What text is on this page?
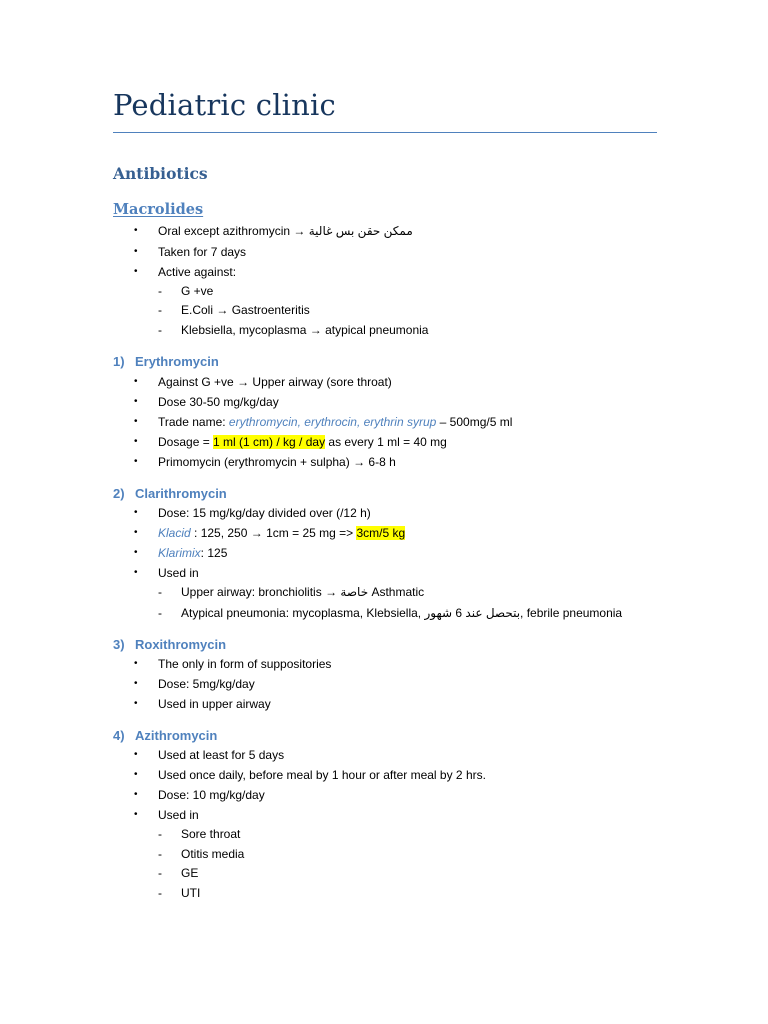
Pediatric clinic
Antibiotics
Macrolides
• Oral except azithromycin → ممكن حقن بس غالية
• Taken for 7 days
• Active against:
- G +ve
- E.Coli → Gastroenteritis
- Klebsiella, mycoplasma → atypical pneumonia
1) Erythromycin
• Against G +ve → Upper airway (sore throat)
• Dose 30-50 mg/kg/day
• Trade name: erythromycin, erythrocin, erythrin syrup – 500mg/5 ml
• Dosage = 1 ml (1 cm) / kg / day as every 1 ml = 40 mg
• Primomycin (erythromycin + sulpha) → 6-8 h
2) Clarithromycin
• Dose: 15 mg/kg/day divided over (/12 h)
• Klacid : 125, 250 → 1cm = 25 mg => 3cm/5 kg
• Klarimix: 125
• Used in
- Upper airway: bronchiolitis → خاصة Asthmatic
- Atypical pneumonia: mycoplasma, Klebsiella, بتحصل عند 6 شهور, febrile pneumonia
3) Roxithromycin
• The only in form of suppositories
• Dose: 5mg/kg/day
• Used in upper airway
4) Azithromycin
• Used at least for 5 days
• Used once daily, before meal by 1 hour or after meal by 2 hrs.
• Dose: 10 mg/kg/day
• Used in
- Sore throat
- Otitis media
- GE
- UTI
